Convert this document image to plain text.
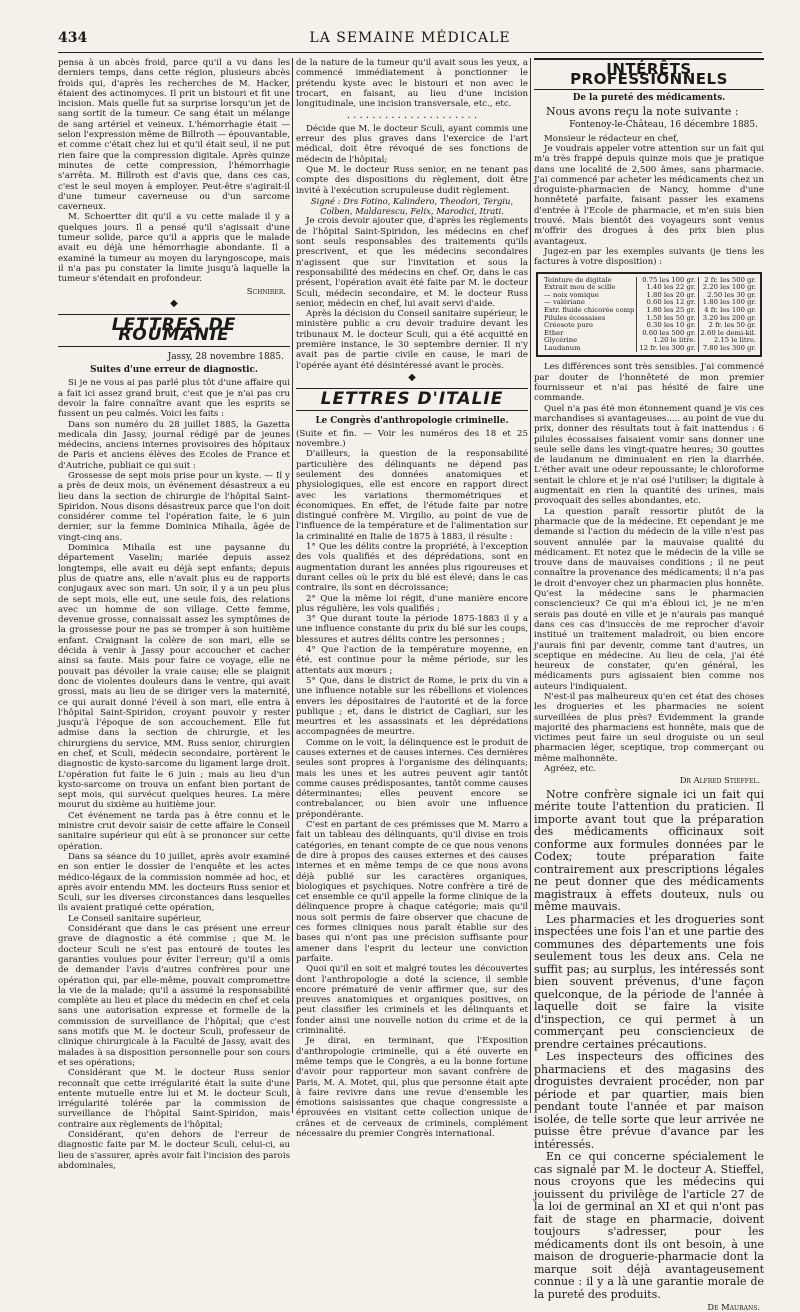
434	LA SEMAINE MÉDICALE

pensa à un abcès froid, parce qu'il a vu dans les derniers temps, dans cette région, plusieurs abcès froids qui, d'après les recherches de M. Hacker, étaient des actinomyces. Il prit un bistouri et fit une incision. Mais quelle fut sa surprise lorsqu'un jet de sang sortit de la tumeur. Ce sang était un mélange de sang artériel et veineux. L'hémorrhagie était — selon l'expression même de Billroth — épouvantable, et comme c'était chez lui et qu'il était seul, il ne put rien faire que la compression digitale. Après quinze minutes de cette compression, l'hémorrhagie s'arrêta. M. Billroth est d'avis que, dans ces cas, c'est le seul moyen à employer. Peut-être s'agirait-il d'une tumeur caverneuse ou d'un sarcome caverneux.

M. Schoertter dit qu'il a vu cette malade il y a quelques jours. Il a pensé qu'il s'agissait d'une tumeur solide, parce qu'il a appris que le malade avait eu déjà une hémorrhagie abondante. Il a examiné la tumeur au moyen du laryngoscope, mais il n'a pas pu constater la limite jusqu'à laquelle la tumeur s'étendait en profondeur.

Schnirer.
◆
LETTRES DE ROUMANIE
Jassy, 28 novembre 1885.
Suites d'une erreur de diagnostic.

Si je ne vous ai pas parlé plus tôt d'une affaire qui a fait ici assez grand bruit, c'est que je n'ai pas cru devoir la faire connaître avant que les esprits se fussent un peu calmés. Voici les faits :

Dans son numéro du 28 juillet 1885, la Gazetta medicala din Jassy, journal rédigé par de jeunes médecins, anciens internes provisoires des hôpitaux de Paris et anciens élèves des Ecoles de France et d'Autriche, publiait ce qui suit :

Grossesse de sept mois prise pour un kyste. — Il y a près de deux mois, un événement désastreux a eu lieu dans la section de chirurgie de l'hôpital Saint-Spiridon. Nous disons désastreux parce que l'on doit considérer comme tel l'opération faite, le 6 juin dernier, sur la femme Dominica Mihaila, âgée de vingt-cinq ans.

Dominica Mihaila est une paysanne du département Vaselin; mariée depuis assez longtemps, elle avait eu déjà sept enfants; depuis plus de quatre ans, elle n'avait plus eu de rapports conjugaux avec son mari. Un soir, il y a un peu plus de sept mois, elle eut, une seule fois, des relations avec un homme de son village. Cette femme, devenue grosse, connaissait assez les symptômes de la grossesse pour ne pas se tromper à son huitième enfant. Craignant la colère de son mari, elle se décida à venir à Jassy pour accoucher et cacher ainsi sa faute. Mais pour faire ce voyage, elle ne pouvait pas dévoiler la vraie cause; elle se plaignit donc de violentes douleurs dans le ventre, qui avait grossi, mais au lieu de se diriger vers la maternité, ce qui aurait donné l'éveil à son mari, elle entra à l'hôpital Saint-Spiridon, croyant pouvoir y rester jusqu'à l'époque de son accouchement. Elle fut admise dans la section de chirurgie, et les chirurgiens du service, MM. Russ senior, chirurgien en chef, et Sculi, médecin secondaire, portèrent le diagnostic de kysto-sarcome du ligament large droit. L'opération fut faite le 6 juin ; mais au lieu d'un kysto-sarcome on trouva un enfant bien portant de sept mois, qui survécut quelques heures. La mère mourut du sixième au huitième jour.

Cet événement ne tarda pas à être connu et le ministre crut devoir saisir de cette affaire le Conseil sanitaire supérieur qui eût à se prononcer sur cette opération.

Dans sa séance du 10 juillet, après avoir examiné en son entier le dossier de l'enquête et les actes médico-légaux de la commission nommée ad hoc, et après avoir entendu MM. les docteurs Russ senior et Sculi, sur les diverses circonstances dans lesquelles ils avaient pratiqué cette opération,

Le Conseil sanitaire supérieur,

Considérant que dans le cas présent une erreur grave de diagnostic a été commise ; que M. le docteur Sculi ne s'est pas entouré de toutes les garanties voulues pour éviter l'erreur; qu'il a omis de demander l'avis d'autres confrères pour une opération qui, par elle-même, pouvait compromettre la vie de la malade; qu'il a assumé la responsabilité complète au lieu et place du médecin en chef et cela sans une autorisation expresse et formelle de la commission de surveillance de l'hôpital; que c'est sans motifs que M. le docteur Sculi, professeur de clinique chirurgicale à la Faculté de Jassy, avait des malades à sa disposition personnelle pour son cours et ses opérations;

Considérant que M. le docteur Russ senior reconnaît que cette irrégularité était la suite d'une entente mutuelle entre lui et M. le docteur Sculi, irrégularité tolérée par la commission de surveillance de l'hôpital Saint-Spiridon, mais contraire aux règlements de l'hôpital;

Considérant, qu'en dehors de l'erreur de diagnostic faite par M. le docteur Sculi, celui-ci, au lieu de s'assurer, après avoir fait l'incision des parois abdominales,

de la nature de la tumeur qu'il avait sous les yeux, a commencé immédiatement à ponctionner le prétendu kyste avec le bistouri et non avec le trocart, en faisant, au lieu d'une incision longitudinale, une incision transversale, etc., etc.

. . . . . . . . . . . . . . . . . . . . .

Décide que M. le docteur Sculi, ayant commis une erreur des plus graves dans l'exercice de l'art médical, doit être révoqué de ses fonctions de médecin de l'hôpital;

Que M. le docteur Russ senior, en ne tenant pas compte des dispositions du règlement, doit être invité à l'exécution scrupuleuse dudit règlement.

Signé : Drs Fotino, Kalindero, Theodori, Tergiu, Colben, Maldarescu, Felix, Marodici, Itrati.

Je crois devoir ajouter que, d'après les règlements de l'hôpital Saint-Spiridon, les médecins en chef sont seuls responsables des traitements qu'ils prescrivent, et que les médecins secondaires n'agissent que sur l'invitation et sous la responsabilité des médecins en chef. Or, dans le cas présent, l'opération avait été faite par M. le docteur Sculi, médecin secondaire, et M. le docteur Russ senior, médecin en chef, lui avait servi d'aide.

Après la décision du Conseil sanitaire supérieur, le ministère public a cru devoir traduire devant les tribunaux M. le docteur Sculi, qui a été acquitté en première instance, le 30 septembre dernier. Il n'y avait pas de partie civile en cause, le mari de l'opérée ayant été désintéressé avant le procès.

◆
LETTRES D'ITALIE
Le Congrès d'anthropologie criminelle.

(Suite et fin. — Voir les numéros des 18 et 25 novembre.)

D'ailleurs, la question de la responsabilité particulière des délinquants ne dépend pas seulement des données anatomiques et physiologiques, elle est encore en rapport direct avec les variations thermométriques et économiques. En effet, de l'étude faite par notre distingué confrère M. Virgilio, au point de vue de l'influence de la température et de l'alimentation sur la criminalité en Italie de 1875 à 1883, il résulte :

1° Que les délits contre la propriété, à l'exception des vols qualifiés et des déprédations, sont en augmentation durant les années plus rigoureuses et durant celles où le prix du blé est élevé; dans le cas contraire, ils sont en décroissance;

2° Que la même loi régit, d'une manière encore plus régulière, les vols qualifiés ;

3° Que durant toute la période 1875-1883 il y a une influence constante du prix du blé sur les coups, blessures et autres délits contre les personnes ;

4° Que l'action de la température moyenne, en été, est continue pour la même période, sur les attentats aux mœurs ;

5° Que, dans le district de Rome, le prix du vin a une influence notable sur les rébellions et violences envers les dépositaires de l'autorité et de la force publique ; et, dans le district de Cagliari, sur les meurtres et les assassinats et les déprédations accompagnées de meurtre.

Comme on le voit, la délinquence est le produit de causes externes et de causes internes. Ces dernières seules sont propres à l'organisme des délinquants; mais les unes et les autres peuvent agir tantôt comme causes prédisposantes, tantôt comme causes déterminantes; elles peuvent encore se contrebalancer, ou bien avoir une influence prépondérante.

C'est en partant de ces prémisses que M. Marro a fait un tableau des délinquants, qu'il divise en trois catégories, en tenant compte de ce que nous venons de dire à propos des causes externes et des causes internes et en même temps de ce que nous avons déjà publié sur les caractères organiques, biologiques et psychiques. Notre confrère a tiré de cet ensemble ce qu'il appelle la forme clinique de la délinquence propre à chaque catégorie; mais qu'il nous soit permis de faire observer que chacune de ces formes cliniques nous paraît établie sur des bases qui n'ont pas une précision suffisante pour amener dans l'esprit du lecteur une conviction parfaite.

Quoi qu'il en soit et malgré toutes les découvertes dont l'anthropologie a doté la science, il semble encore prématuré de venir affirmer que, sur des preuves anatomiques et organiques positives, on peut classifier les criminels et les délinquants et fonder ainsi une nouvelle notion du crime et de la criminalité.

Je dirai, en terminant, que l'Exposition d'anthropologie criminelle, qui a été ouverte en même temps que le Congrès, a eu la bonne fortune d'avoir pour rapporteur mon savant confrère de Paris, M. A. Motet, qui, plus que personne était apte à faire revivre dans une revue d'ensemble les émotions saisissantes que chaque congressiste a éprouvées en visitant cette collection unique de crânes et de cerveaux de criminels, complément nécessaire du premier Congrès international.

INTÉRÊTS PROFESSIONNELS
De la pureté des médicaments.

Nous avons reçu la note suivante :

Fontenoy-le-Château, 16 décembre 1885.

Monsieur le rédacteur en chef,

Je voudrais appeler votre attention sur un fait qui m'a très frappé depuis quinze mois que je pratique dans une localité de 2,500 âmes, sans pharmacie. J'ai commencé par acheter les médicaments chez un droguiste-pharmacien de Nancy, homme d'une honnêteté parfaite, faisant passer les examens d'entrée à l'Ecole de pharmacie, et m'en suis bien trouvé. Mais bientôt des voyageurs sont venus m'offrir des drogues à des prix bien plus avantageux.

Jugez-en par les exemples suivants (je tiens les factures à votre disposition) :

Teinture de digitale	0.75 les 100 gr.	2 fr. les 500 gr.
Extrait mou de scille	1.40 les 22 gr.	2.20 les 100 gr.
— noix vomique	1.80 les 20 gr.	2.50 les 30 gr.
— valériane	0.60 les 12 gr.	1.80 les 100 gr.
Extr. fluide chicorée comp	1.80 les 25 gr.	4 fr. les 100 gr.
Pilules écossaises	1.50 les 50 gr.	3.20 les 200 gr.
Créosote pure	0.30 les 10 gr.	2 fr. les 50 gr.
Ether	0.60 les 500 gr.	2.60 le demi-kil.
Glycérine	1.20 le litre.	2.15 le litre.
Laudanum	12 fr. les 300 gr.	7.80 les 300 gr.

Les différences sont très sensibles. J'ai commencé par douter de l'honnêteté de mon premier fournisseur et n'ai pas hésité de faire une commande.

Quel n'a pas été mon étonnement quand je vis ces marchandises si avantageuses..... au point de vue du prix, donner des résultats tout à fait inattendus : 6 pilules écossaises faisaient vomir sans donner une seule selle dans les vingt-quatre heures; 30 gouttes de laudanum ne diminuaient en rien la diarrhée. L'éther avait une odeur repoussante; le chloroforme sentait le chlore et je n'ai osé l'utiliser; la digitale à augmentait en rien la quantité des urines, mais provoquait des selles abondantes, etc.

La question paraît ressortir plutôt de la pharmacie que de la médecine. Et cependant je me demande si l'action du médecin de la ville n'est pas souvent annulée par la mauvaise qualité du médicament. Et notez que le médecin de la ville se trouve dans de mauvaises conditions ; il ne peut connaître la provenance des médicaments; il n'a pas le droit d'envoyer chez un pharmacien plus honnête. Qu'est la médecine sans le pharmacien consciencieux? Ce qui m'a ébloui ici, je ne m'en serais pas douté en ville et je n'aurais pas manqué dans ces cas d'insuccès de me reprocher d'avoir institué un traitement maladroit, ou bien encore j'aurais fini par devenir, comme tant d'autres, un sceptique en médecine. Au lieu de cela, j'ai été heureux de constater, qu'en général, les médicaments purs agissaient bien comme nos auteurs l'indiquaient.

N'est-il pas malheureux qu'en cet état des choses les drogueries et les pharmacies ne soient surveillées de plus près? Évidemment la grande majorité des pharmaciens est honnête, mais que de victimes peut faire un seul droguiste ou un seul pharmacien léger, sceptique, trop commerçant ou même malhonnête.

Agréez, etc.

Dr Alfred Stieffel.

Notre confrère signale ici un fait qui mérite toute l'attention du praticien. Il importe avant tout que la préparation des médicaments officinaux soit conforme aux formules données par le Codex; toute préparation faite contrairement aux prescriptions légales ne peut donner que des médicaments magistraux à effets douteux, nuls ou même mauvais.

Les pharmacies et les drogueries sont inspectées une fois l'an et une partie des communes des départements une fois seulement tous les deux ans. Cela ne suffit pas; au surplus, les intéressés sont bien souvent prévenus, d'une façon quelconque, de la période de l'année à laquelle doit se faire la visite d'inspection, ce qui permet à un commerçant peu consciencieux de prendre certaines précautions.

Les inspecteurs des officines des pharmaciens et des magasins des droguistes devraient procéder, non par période et par quartier, mais bien pendant toute l'année et par maison isolée, de telle sorte que leur arrivée ne puisse être prévue d'avance par les intéressés.

En ce qui concerne spécialement le cas signalé par M. le docteur A. Stieffel, nous croyons que les médecins qui jouissent du privilège de l'article 27 de la loi de germinal an XI et qui n'ont pas fait de stage en pharmacie, doivent toujours s'adresser, pour les médicaments dont ils ont besoin, à une maison de droguerie-pharmacie dont la marque soit déjà avantageusement connue : il y a là une garantie morale de la pureté des produits.

De Maurans.
